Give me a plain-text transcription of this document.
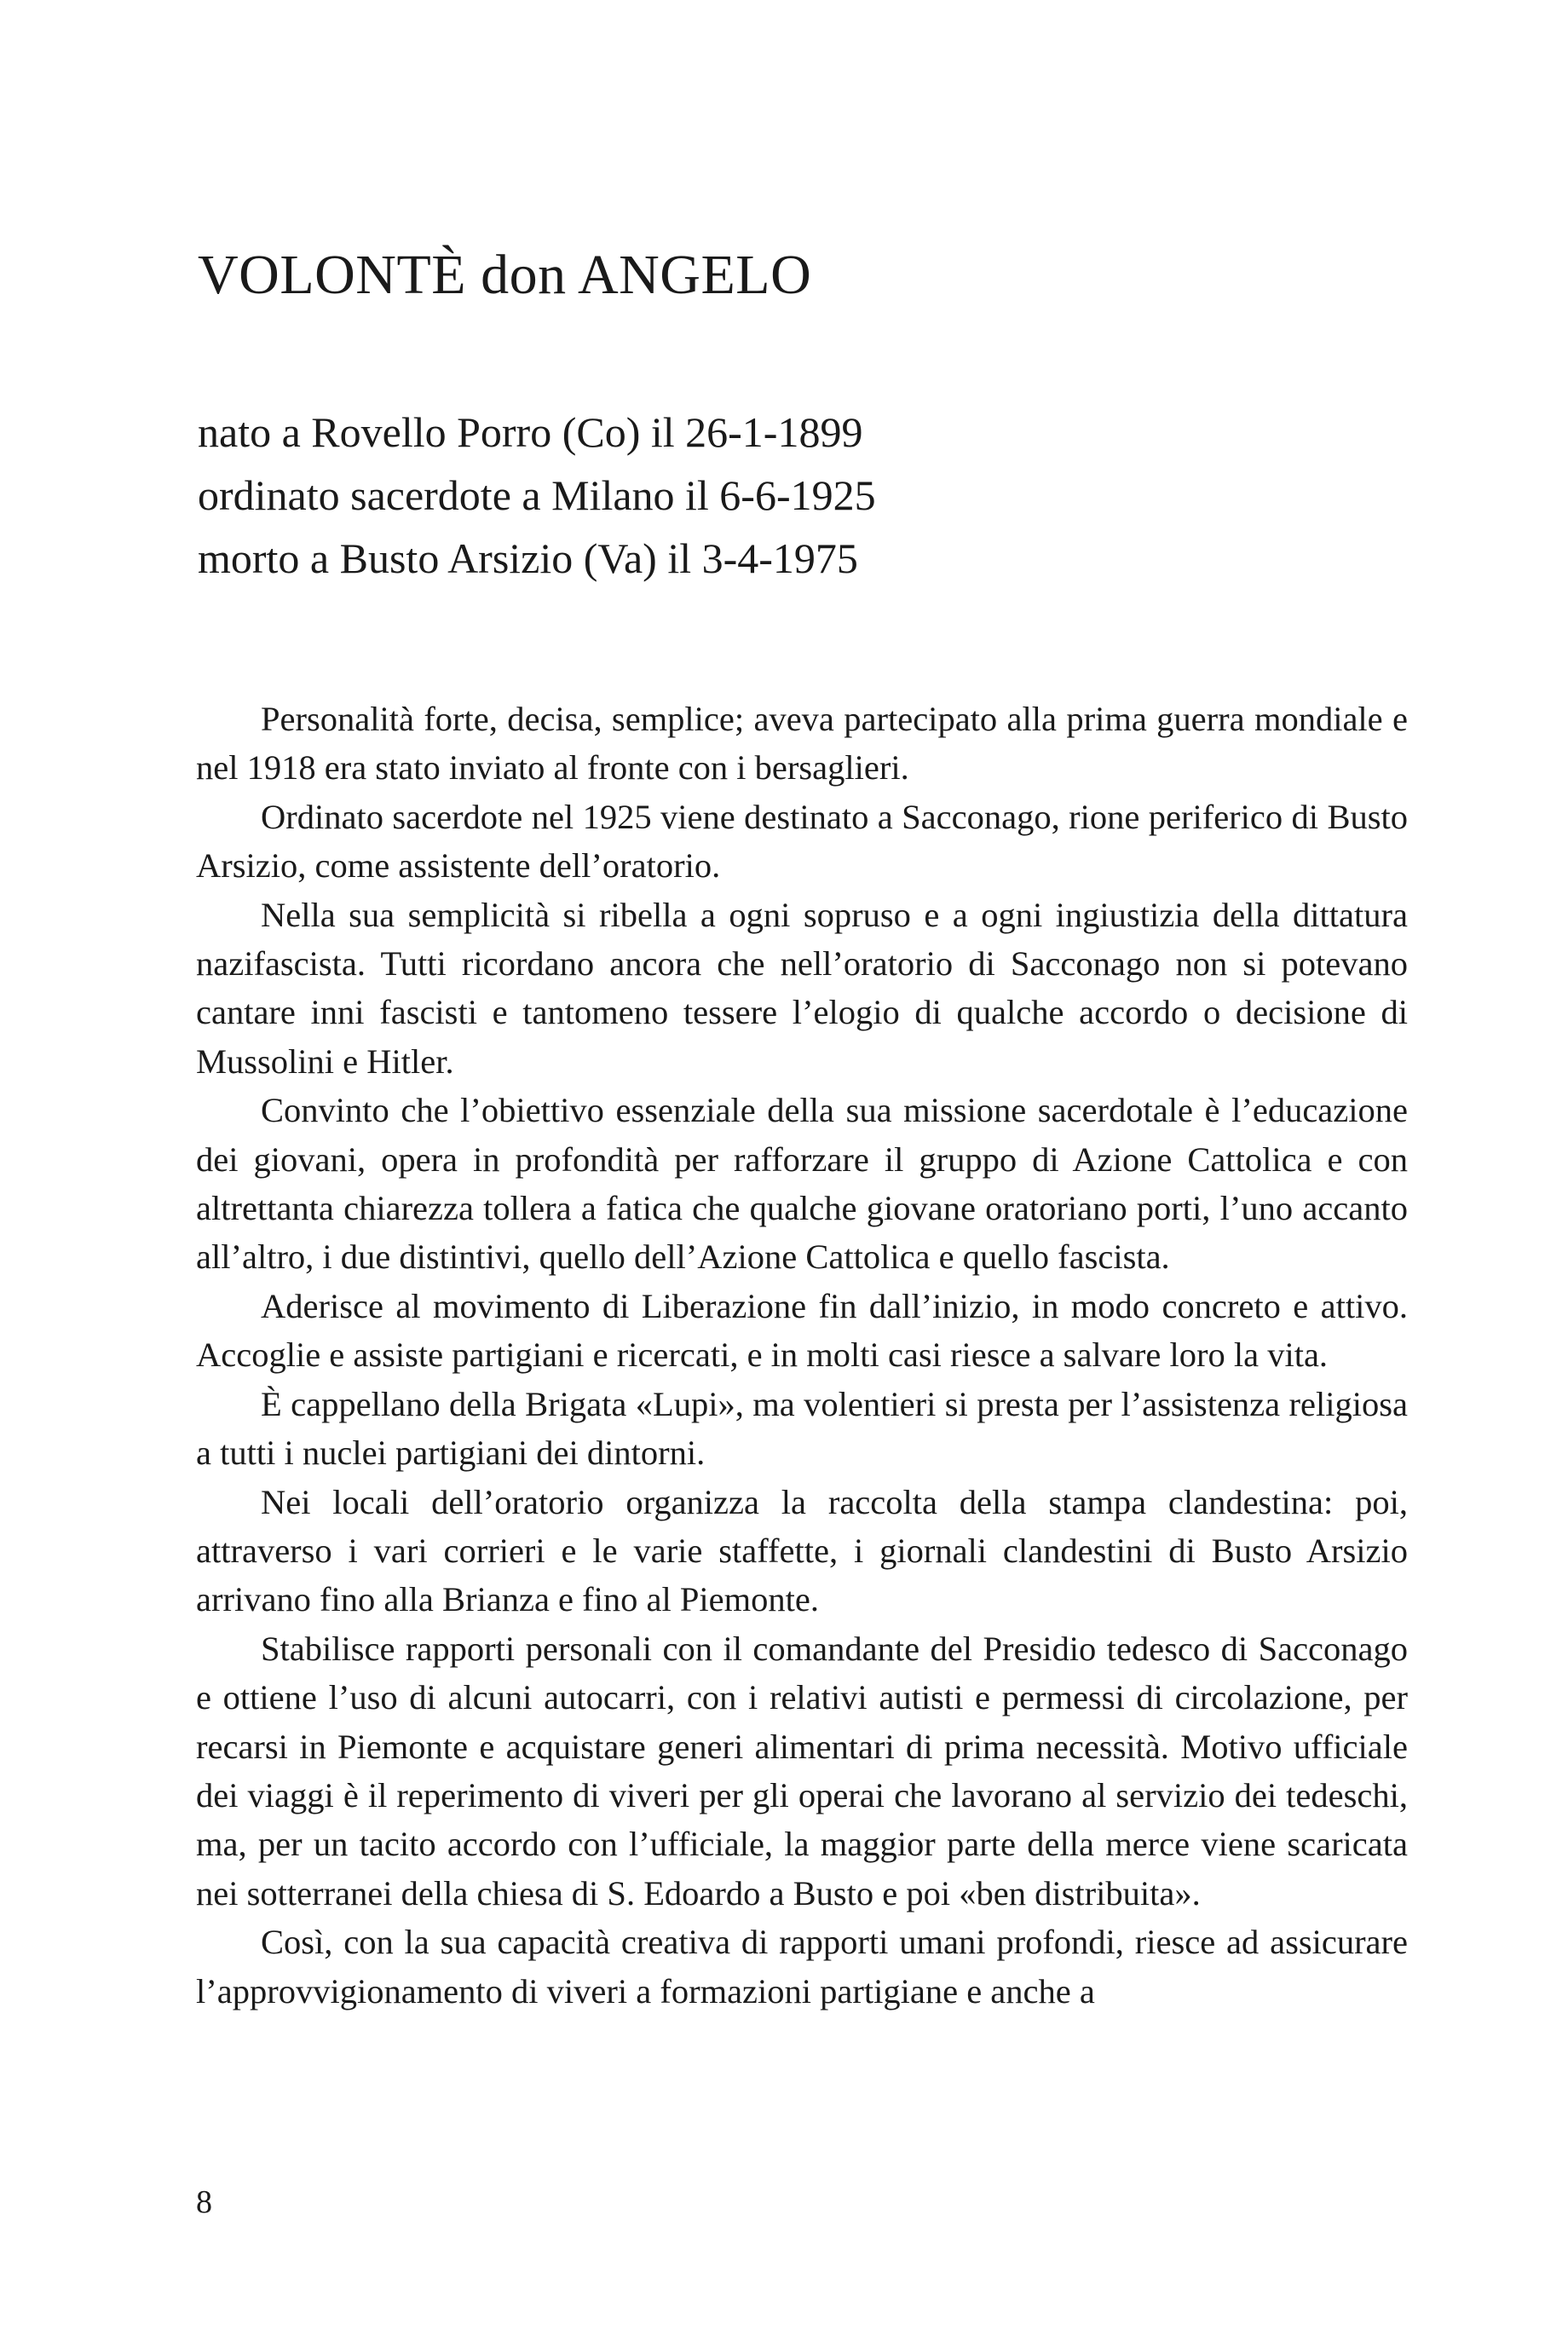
VOLONTÈ don ANGELO
nato a Rovello Porro (Co) il 26-1-1899
ordinato sacerdote a Milano il 6-6-1925
morto a Busto Arsizio (Va) il 3-4-1975

Personalità forte, decisa, semplice; aveva partecipato alla prima guerra mondiale e nel 1918 era stato inviato al fronte con i bersaglieri.

Ordinato sacerdote nel 1925 viene destinato a Sacconago, rione periferico di Busto Arsizio, come assistente dell’oratorio.

Nella sua semplicità si ribella a ogni sopruso e a ogni ingiustizia della dittatura nazifascista. Tutti ricordano ancora che nell’oratorio di Sacconago non si potevano cantare inni fascisti e tantomeno tessere l’elogio di qualche accordo o decisione di Mussolini e Hitler.

Convinto che l’obiettivo essenziale della sua missione sacerdotale è l’educazione dei giovani, opera in profondità per rafforzare il gruppo di Azione Cattolica e con altrettanta chiarezza tollera a fatica che qualche giovane oratoriano porti, l’uno accanto all’altro, i due distintivi, quello dell’Azione Cattolica e quello fascista.

Aderisce al movimento di Liberazione fin dall’inizio, in modo concreto e attivo. Accoglie e assiste partigiani e ricercati, e in molti casi riesce a salvare loro la vita.

È cappellano della Brigata «Lupi», ma volentieri si presta per l’assistenza religiosa a tutti i nuclei partigiani dei dintorni.

Nei locali dell’oratorio organizza la raccolta della stampa clandestina: poi, attraverso i vari corrieri e le varie staffette, i giornali clandestini di Busto Arsizio arrivano fino alla Brianza e fino al Piemonte.

Stabilisce rapporti personali con il comandante del Presidio tedesco di Sacconago e ottiene l’uso di alcuni autocarri, con i relativi autisti e permessi di circolazione, per recarsi in Piemonte e acquistare generi alimentari di prima necessità. Motivo ufficiale dei viaggi è il reperimento di viveri per gli operai che lavorano al servizio dei tedeschi, ma, per un tacito accordo con l’ufficiale, la maggior parte della merce viene scaricata nei sotterranei della chiesa di S. Edoardo a Busto e poi «ben distribuita».

Così, con la sua capacità creativa di rapporti umani profondi, riesce ad assicurare l’approvvigionamento di viveri a formazioni partigiane e anche a

8
